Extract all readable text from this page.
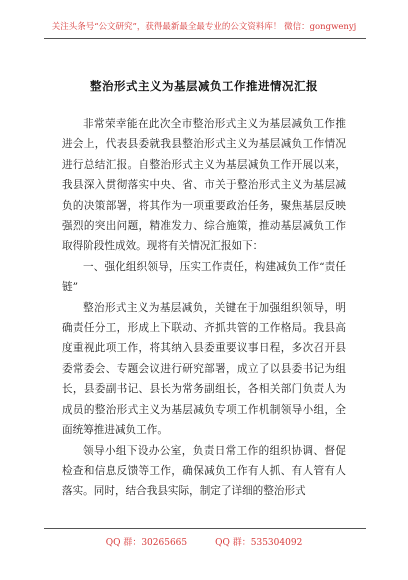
关注头条号“公文研究”，获得最新最全最专业的公文资料库！ 微信：gongwenyj
整治形式主义为基层减负工作推进情况汇报

非常荣幸能在此次全市整治形式主义为基层减负工作推进会上，代表县委就我县整治形式主义为基层减负工作情况进行总结汇报。自整治形式主义为基层减负工作开展以来，我县深入贯彻落实中央、省、市关于整治形式主义为基层减负的决策部署，将其作为一项重要政治任务，聚焦基层反映强烈的突出问题，精准发力、综合施策，推动基层减负工作取得阶段性成效。现将有关情况汇报如下：

一、强化组织领导，压实工作责任，构建减负工作“责任链”

整治形式主义为基层减负，关键在于加强组织领导，明确责任分工，形成上下联动、齐抓共管的工作格局。我县高度重视此项工作，将其纳入县委重要议事日程，多次召开县委常委会、专题会议进行研究部署，成立了以县委书记为组长，县委副书记、县长为常务副组长，各相关部门负责人为成员的整治形式主义为基层减负专项工作机制领导小组，全面统筹推进减负工作。

领导小组下设办公室，负责日常工作的组织协调、督促检查和信息反馈等工作，确保减负工作有人抓、有人管有人落实。同时，结合我县实际，制定了详细的整治形式

QQ 群：30265665	QQ 群：535304092
